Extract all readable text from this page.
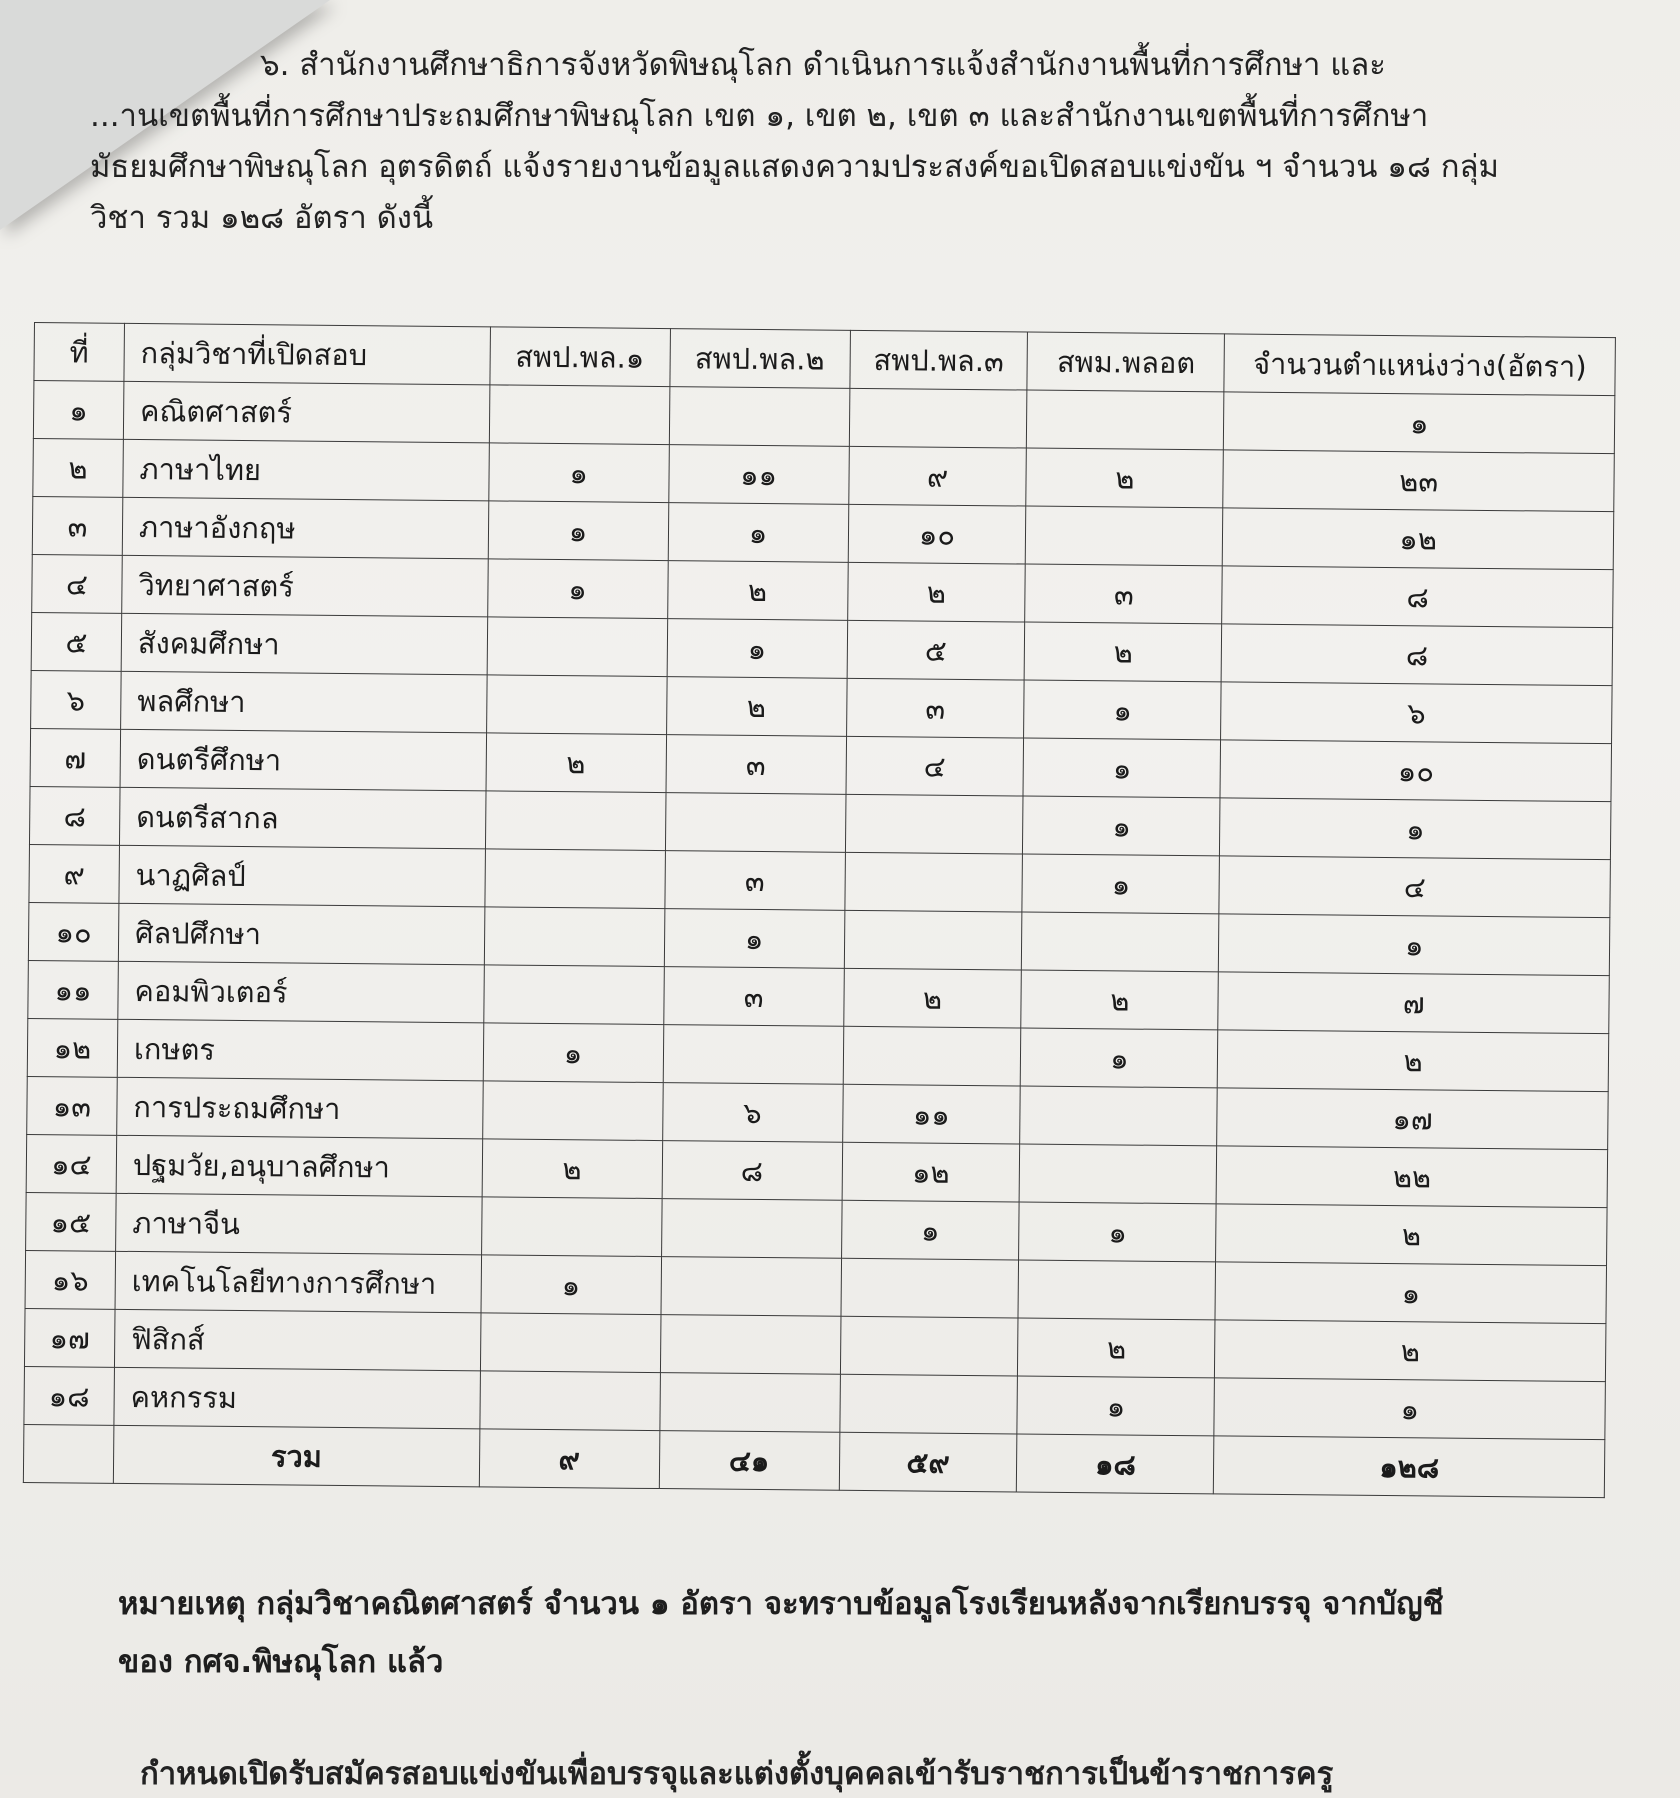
๖. สำนักงานศึกษาธิการจังหวัดพิษณุโลก ดำเนินการแจ้งสำนักงานพื้นที่การศึกษา และ

...านเขตพื้นที่การศึกษาประถมศึกษาพิษณุโลก เขต ๑, เขต ๒, เขต ๓ และสำนักงานเขตพื้นที่การศึกษา

มัธยมศึกษาพิษณุโลก อุตรดิตถ์ แจ้งรายงานข้อมูลแสดงความประสงค์ขอเปิดสอบแข่งขัน ฯ จำนวน ๑๘ กลุ่ม

วิชา รวม ๑๒๘ อัตรา ดังนี้

ที่	กลุ่มวิชาที่เปิดสอบ	สพป.พล.๑	สพป.พล.๒	สพป.พล.๓	สพม.พลอต	จำนวนตำแหน่งว่าง(อัตรา)
๑	คณิตศาสตร์					๑
๒	ภาษาไทย	๑	๑๑	๙	๒	๒๓
๓	ภาษาอังกฤษ	๑	๑	๑๐		๑๒
๔	วิทยาศาสตร์	๑	๒	๒	๓	๘
๕	สังคมศึกษา		๑	๕	๒	๘
๖	พลศึกษา		๒	๓	๑	๖
๗	ดนตรีศึกษา	๒	๓	๔	๑	๑๐
๘	ดนตรีสากล				๑	๑
๙	นาฏศิลป์		๓		๑	๔
๑๐	ศิลปศึกษา		๑			๑
๑๑	คอมพิวเตอร์		๓	๒	๒	๗
๑๒	เกษตร	๑			๑	๒
๑๓	การประถมศึกษา		๖	๑๑		๑๗
๑๔	ปฐมวัย,อนุบาลศึกษา	๒	๘	๑๒		๒๒
๑๕	ภาษาจีน			๑	๑	๒
๑๖	เทคโนโลยีทางการศึกษา	๑				๑
๑๗	ฟิสิกส์				๒	๒
๑๘	คหกรรม				๑	๑
	รวม	๙	๔๑	๕๙	๑๘	๑๒๘

หมายเหตุ กลุ่มวิชาคณิตศาสตร์ จำนวน ๑ อัตรา จะทราบข้อมูลโรงเรียนหลังจากเรียกบรรจุ จากบัญชี

ของ กศจ.พิษณุโลก แล้ว

กำหนดเปิดรับสมัครสอบแข่งขันเพื่อบรรจุและแต่งตั้งบุคคลเข้ารับราชการเป็นข้าราชการครู
